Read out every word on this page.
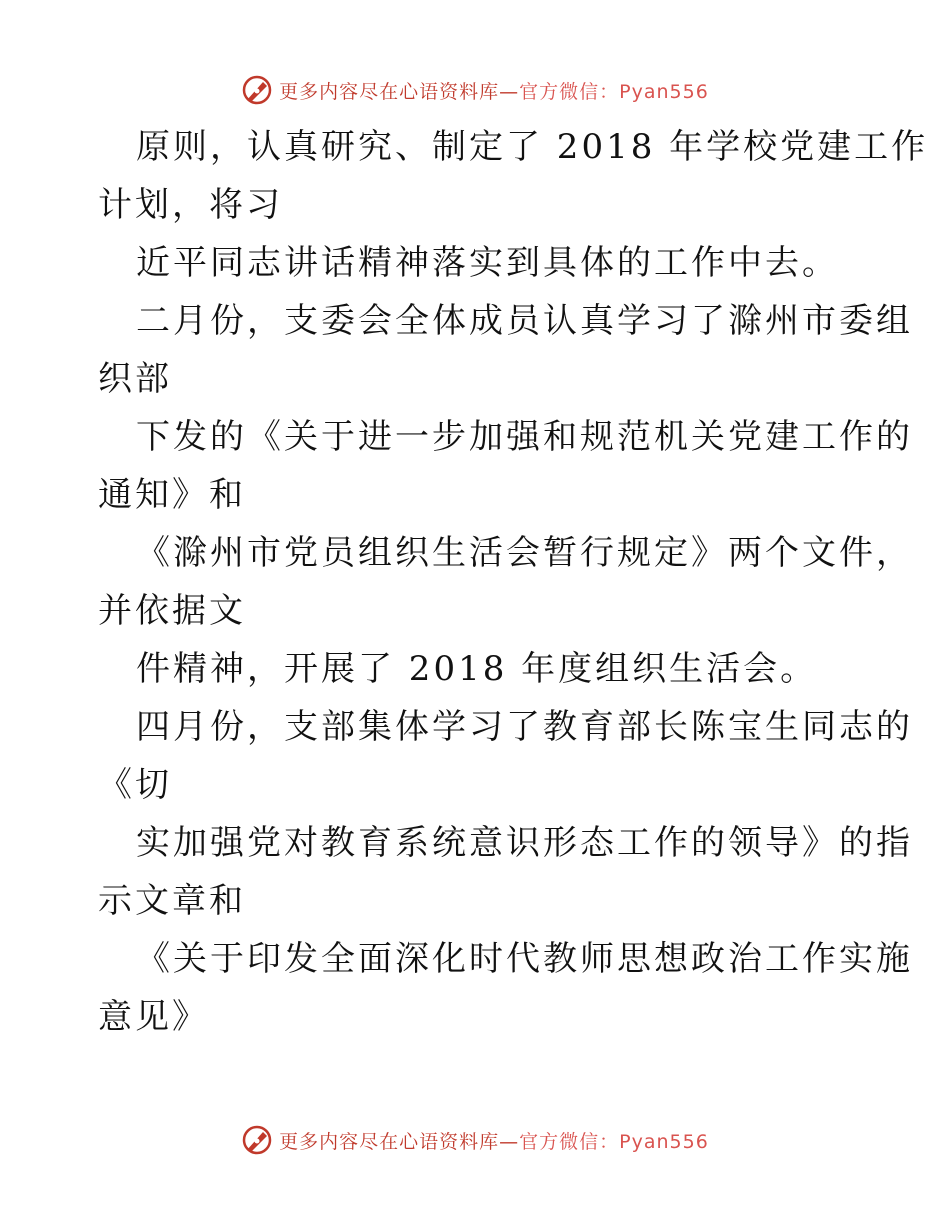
更多内容尽在心语资料库—官方微信：Pyan556
原则，认真研究、制定了 2018 年学校党建工作
计划，将习
近平同志讲话精神落实到具体的工作中去。
二月份，支委会全体成员认真学习了滁州市委组
织部
下发的《关于进一步加强和规范机关党建工作的
通知》和
《滁州市党员组织生活会暂行规定》两个文件，
并依据文
件精神，开展了 2018 年度组织生活会。
四月份，支部集体学习了教育部长陈宝生同志的
《切
实加强党对教育系统意识形态工作的领导》的指
示文章和
《关于印发全面深化时代教师思想政治工作实施
意见》
更多内容尽在心语资料库—官方微信：Pyan556
